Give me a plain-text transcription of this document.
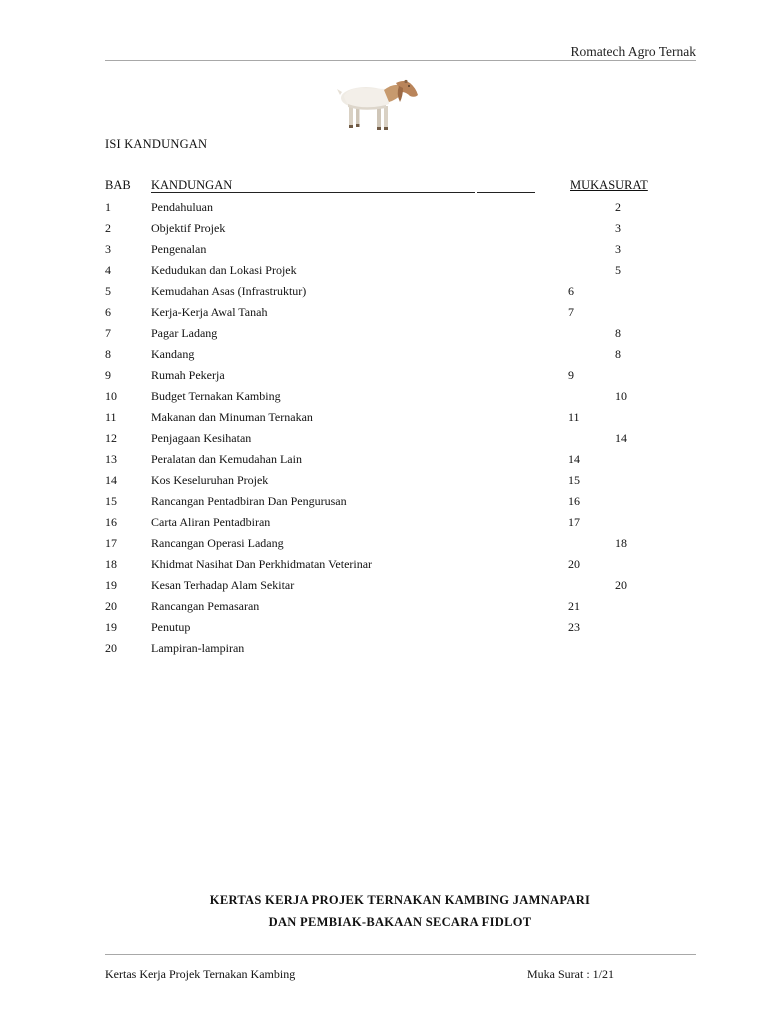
Romatech Agro Ternak
ISI KANDUNGAN
BAB KANDUNGAN	MUKASURAT
1	Pendahuluan	2
2	Objektif Projek	3
3	Pengenalan	3
4	Kedudukan dan Lokasi Projek	5
5	Kemudahan Asas (Infrastruktur)	6
6	Kerja-Kerja Awal Tanah	7
7	Pagar Ladang	8
8	Kandang	8
9	Rumah Pekerja	9
10	Budget Ternakan Kambing	10
11	Makanan dan Minuman Ternakan	11
12	Penjagaan Kesihatan	14
13	Peralatan dan Kemudahan Lain	14
14	Kos Keseluruhan Projek	15
15	Rancangan Pentadbiran Dan Pengurusan	16
16	Carta Aliran Pentadbiran	17
17	Rancangan Operasi Ladang	18
18	Khidmat Nasihat Dan Perkhidmatan Veterinar	20
19	Kesan Terhadap Alam Sekitar	20
20	Rancangan Pemasaran	21
19	Penutup	23
20	Lampiran-lampiran
KERTAS KERJA PROJEK TERNAKAN KAMBING JAMNAPARI
DAN PEMBIAK-BAKAAN SECARA FIDLOT
Kertas Kerja Projek Ternakan Kambing	Muka Surat : 1/21
